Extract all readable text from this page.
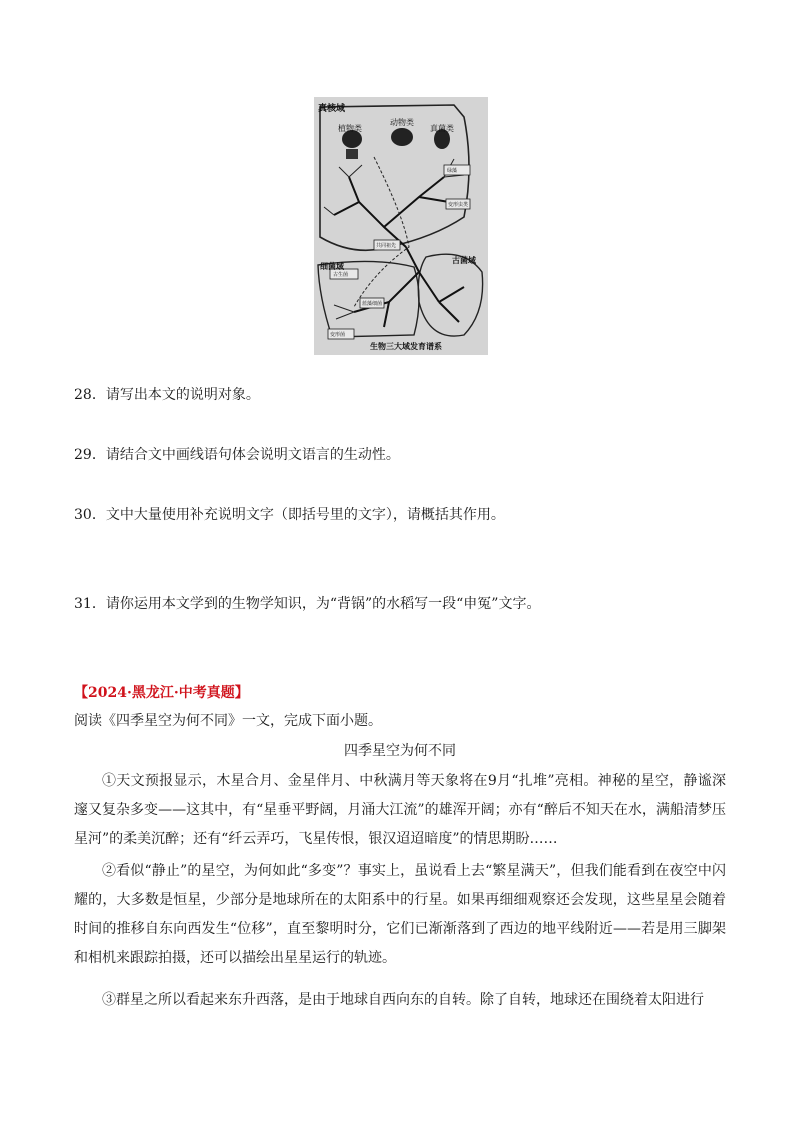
真核域
植物类
动物类
真菌类
细菌域
古菌域
共同祖先
蓝藻细菌
变形菌
绿藻
变形虫类
古生菌
生物三大域发育谱系
28．请写出本文的说明对象。
29．请结合文中画线语句体会说明文语言的生动性。
30．文中大量使用补充说明文字（即括号里的文字），请概括其作用。
31．请你运用本文学到的生物学知识，为“背锅”的水稻写一段“申冤”文字。
【2024·黑龙江·中考真题】
阅读《四季星空为何不同》一文，完成下面小题。
四季星空为何不同

①天文预报显示，木星合月、金星伴月、中秋满月等天象将在9月“扎堆”亮相。神秘的星空，静谧深邃又复杂多变——这其中，有“星垂平野阔，月涌大江流”的雄浑开阔；亦有“醉后不知天在水，满船清梦压星河”的柔美沉醉；还有“纤云弄巧，飞星传恨，银汉迢迢暗度”的情思期盼……

②看似“静止”的星空，为何如此“多变”？事实上，虽说看上去“繁星满天”，但我们能看到在夜空中闪耀的，大多数是恒星，少部分是地球所在的太阳系中的行星。如果再细细观察还会发现，这些星星会随着时间的推移自东向西发生“位移”，直至黎明时分，它们已渐渐落到了西边的地平线附近——若是用三脚架和相机来跟踪拍摄，还可以描绘出星星运行的轨迹。

③群星之所以看起来东升西落，是由于地球自西向东的自转。除了自转，地球还在围绕着太阳进行
